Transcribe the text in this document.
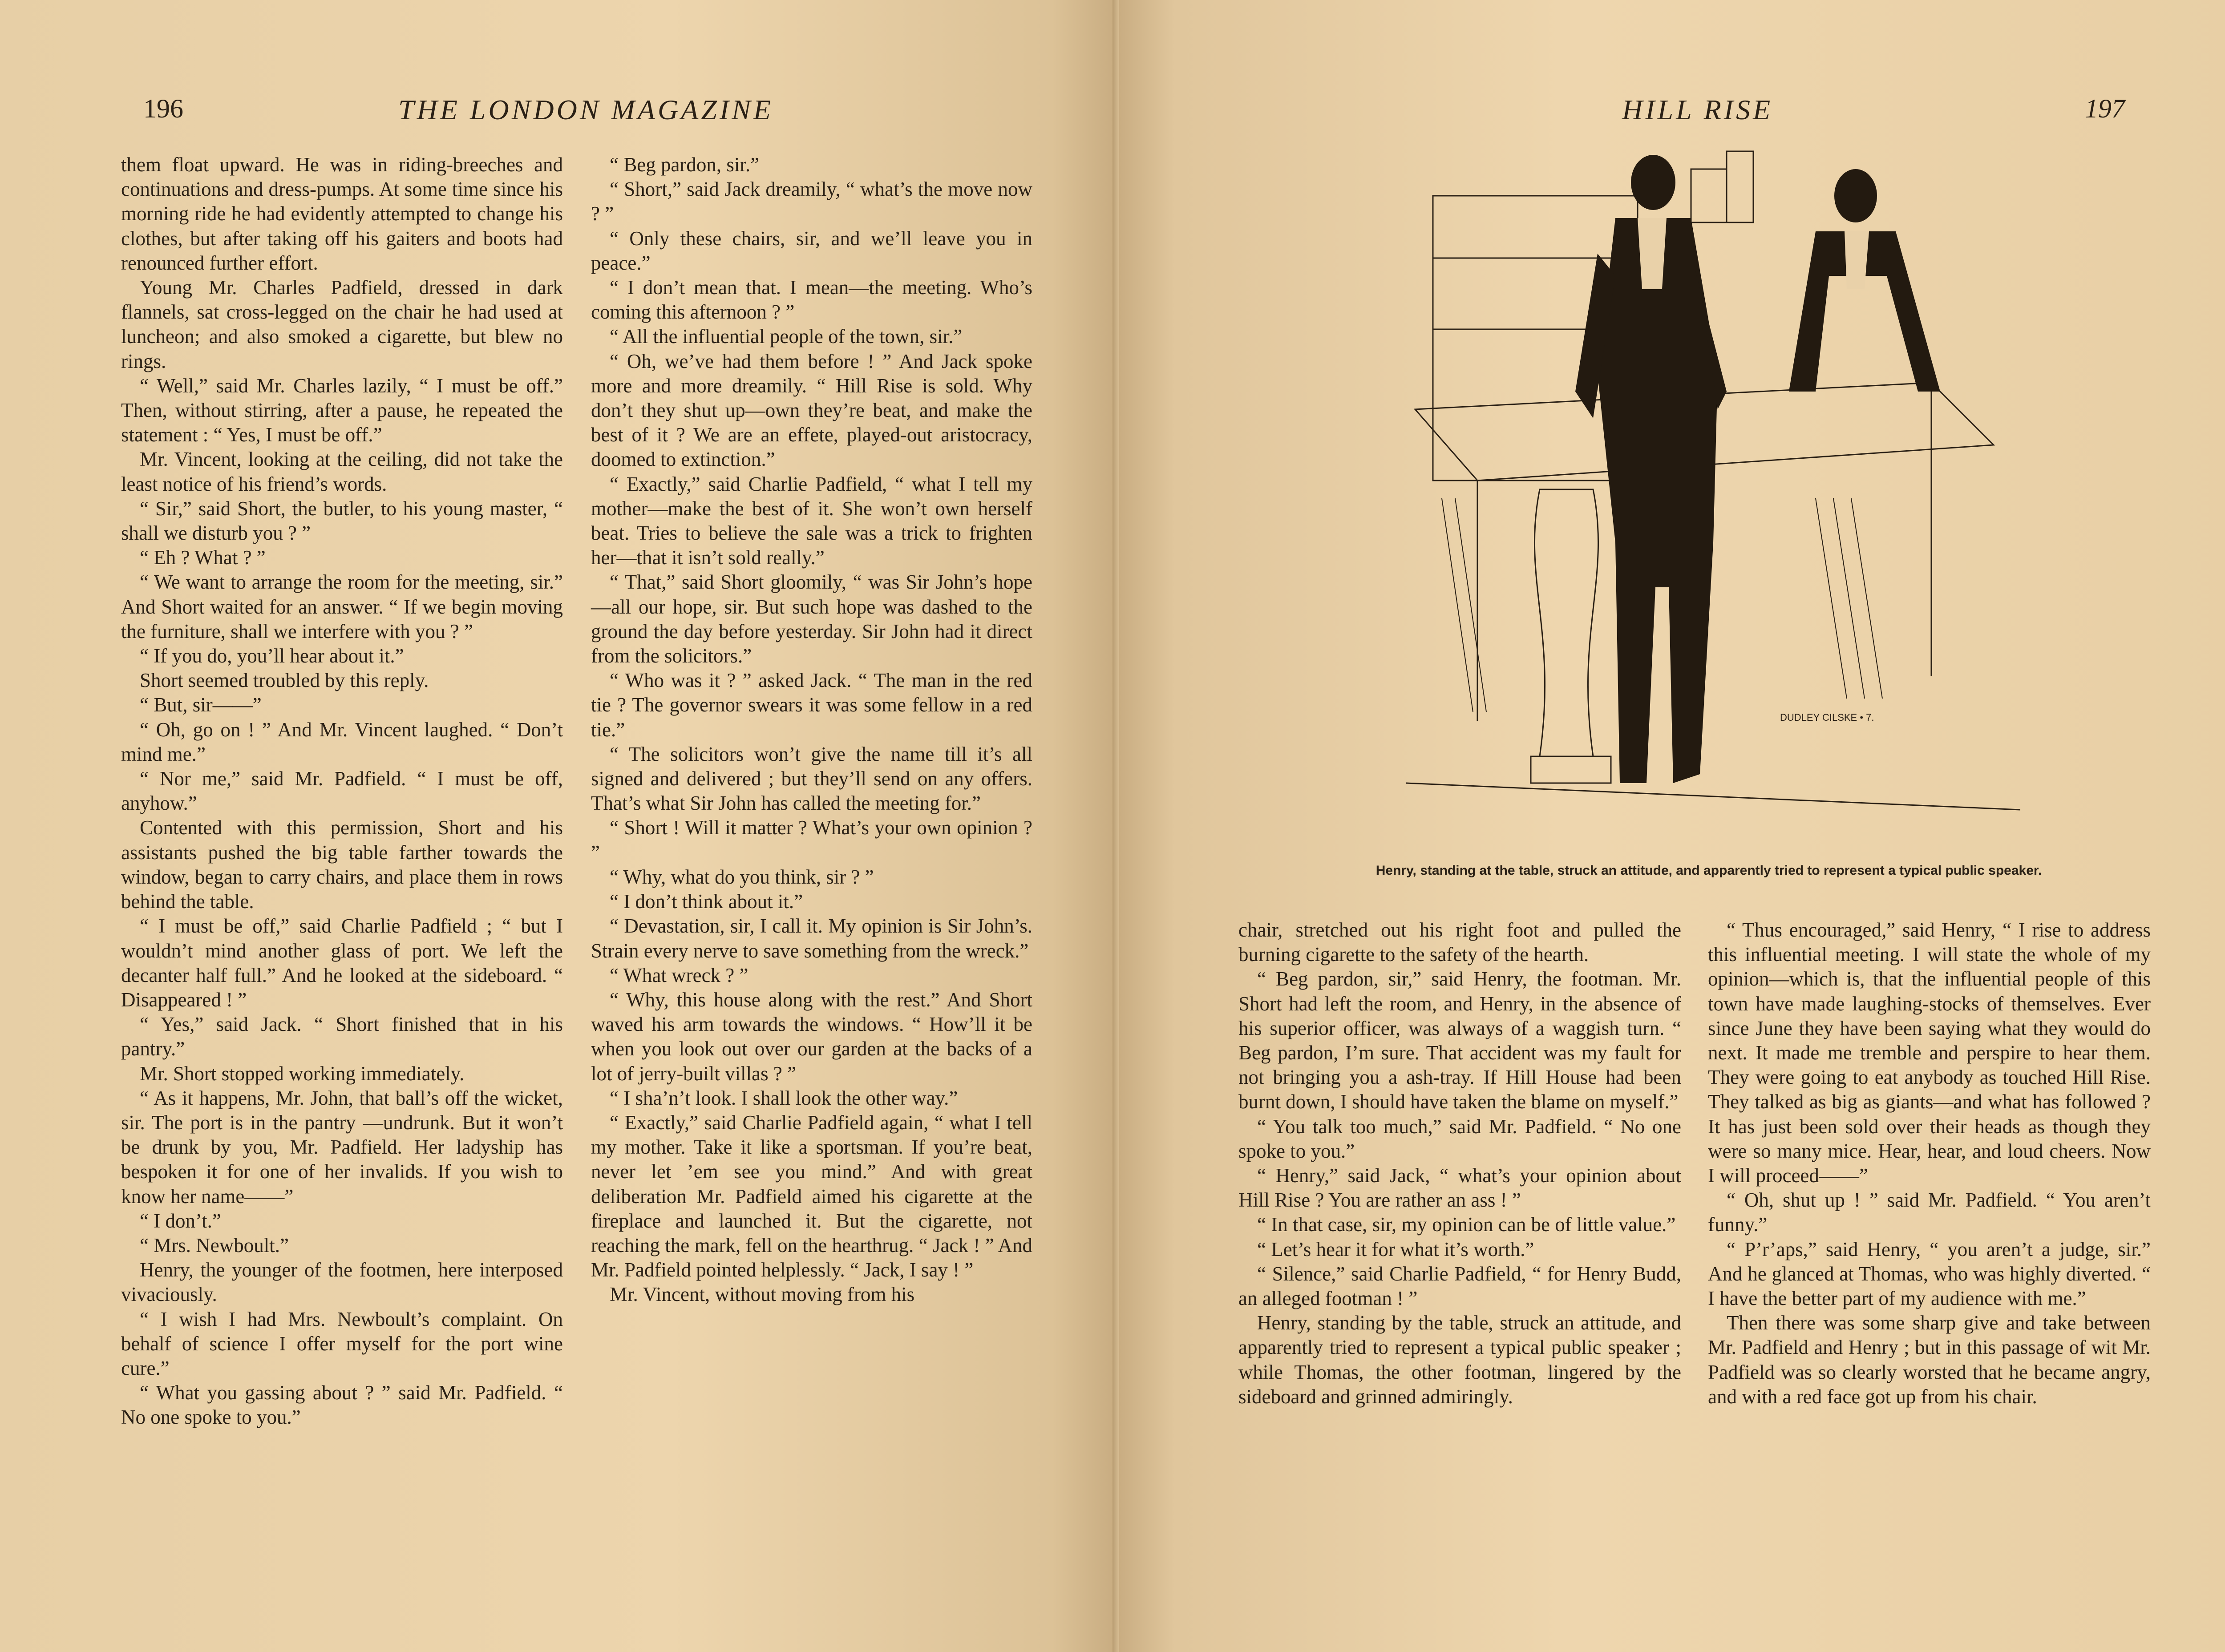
196	THE LONDON MAGAZINE

them float upward. He was in riding-breeches and continuations and dress-pumps. At some time since his morning ride he had evidently attempted to change his clothes, but after taking off his gaiters and boots had renounced further effort.

Young Mr. Charles Padfield, dressed in dark flannels, sat cross-legged on the chair he had used at luncheon; and also smoked a cigarette, but blew no rings.

“ Well,” said Mr. Charles lazily, “ I must be off.” Then, without stirring, after a pause, he repeated the statement : “ Yes, I must be off.”

Mr. Vincent, looking at the ceiling, did not take the least notice of his friend’s words.

“ Sir,” said Short, the butler, to his young master, “ shall we disturb you ? ”

“ Eh ? What ? ”

“ We want to arrange the room for the meeting, sir.” And Short waited for an answer. “ If we begin moving the furniture, shall we interfere with you ? ”

“ If you do, you’ll hear about it.”

Short seemed troubled by this reply.

“ But, sir——”

“ Oh, go on ! ” And Mr. Vincent laughed. “ Don’t mind me.”

“ Nor me,” said Mr. Padfield. “ I must be off, anyhow.”

Contented with this permission, Short and his assistants pushed the big table farther towards the window, began to carry chairs, and place them in rows behind the table.

“ I must be off,” said Charlie Padfield ; “ but I wouldn’t mind another glass of port. We left the decanter half full.” And he looked at the sideboard. “ Disappeared ! ”

“ Yes,” said Jack. “ Short finished that in his pantry.”

Mr. Short stopped working immediately.

“ As it happens, Mr. John, that ball’s off the wicket, sir. The port is in the pantry —undrunk. But it won’t be drunk by you, Mr. Padfield. Her ladyship has bespoken it for one of her invalids. If you wish to know her name——”

“ I don’t.”

“ Mrs. Newboult.”

Henry, the younger of the footmen, here interposed vivaciously.

“ I wish I had Mrs. Newboult’s complaint. On behalf of science I offer myself for the port wine cure.”

“ What you gassing about ? ” said Mr. Padfield. “ No one spoke to you.”

“ Beg pardon, sir.”

“ Short,” said Jack dreamily, “ what’s the move now ? ”

“ Only these chairs, sir, and we’ll leave you in peace.”

“ I don’t mean that. I mean—the meeting. Who’s coming this afternoon ? ”

“ All the influential people of the town, sir.”

“ Oh, we’ve had them before ! ” And Jack spoke more and more dreamily. “ Hill Rise is sold. Why don’t they shut up—own they’re beat, and make the best of it ? We are an effete, played-out aristocracy, doomed to extinction.”

“ Exactly,” said Charlie Padfield, “ what I tell my mother—make the best of it. She won’t own herself beat. Tries to believe the sale was a trick to frighten her—that it isn’t sold really.”

“ That,” said Short gloomily, “ was Sir John’s hope—all our hope, sir. But such hope was dashed to the ground the day before yesterday. Sir John had it direct from the solicitors.”

“ Who was it ? ” asked Jack. “ The man in the red tie ? The governor swears it was some fellow in a red tie.”

“ The solicitors won’t give the name till it’s all signed and delivered ; but they’ll send on any offers. That’s what Sir John has called the meeting for.”

“ Short ! Will it matter ? What’s your own opinion ? ”

“ Why, what do you think, sir ? ”

“ I don’t think about it.”

“ Devastation, sir, I call it. My opinion is Sir John’s. Strain every nerve to save something from the wreck.”

“ What wreck ? ”

“ Why, this house along with the rest.” And Short waved his arm towards the windows. “ How’ll it be when you look out over our garden at the backs of a lot of jerry-built villas ? ”

“ I sha’n’t look. I shall look the other way.”

“ Exactly,” said Charlie Padfield again, “ what I tell my mother. Take it like a sportsman. If you’re beat, never let ’em see you mind.” And with great deliberation Mr. Padfield aimed his cigarette at the fireplace and launched it. But the cigarette, not reaching the mark, fell on the hearthrug. “ Jack ! ” And Mr. Padfield pointed helplessly. “ Jack, I say ! ”

Mr. Vincent, without moving from his

HILL RISE	197
DUDLEY CILSKE • 7.
Henry, standing at the table, struck an attitude, and apparently tried to represent a typical public speaker.

chair, stretched out his right foot and pulled the burning cigarette to the safety of the hearth.

“ Beg pardon, sir,” said Henry, the footman. Mr. Short had left the room, and Henry, in the absence of his superior officer, was always of a waggish turn. “ Beg pardon, I’m sure. That accident was my fault for not bringing you a ash-tray. If Hill House had been burnt down, I should have taken the blame on myself.”

“ You talk too much,” said Mr. Padfield. “ No one spoke to you.”

“ Henry,” said Jack, “ what’s your opinion about Hill Rise ? You are rather an ass ! ”

“ In that case, sir, my opinion can be of little value.”

“ Let’s hear it for what it’s worth.”

“ Silence,” said Charlie Padfield, “ for Henry Budd, an alleged footman ! ”

Henry, standing by the table, struck an attitude, and apparently tried to represent a typical public speaker ; while Thomas, the other footman, lingered by the sideboard and grinned admiringly.

“ Thus encouraged,” said Henry, “ I rise to address this influential meeting. I will state the whole of my opinion—which is, that the influential people of this town have made laughing-stocks of themselves. Ever since June they have been saying what they would do next. It made me tremble and perspire to hear them. They were going to eat anybody as touched Hill Rise. They talked as big as giants—and what has followed ? It has just been sold over their heads as though they were so many mice. Hear, hear, and loud cheers. Now I will proceed——”

“ Oh, shut up ! ” said Mr. Padfield. “ You aren’t funny.”

“ P’r’aps,” said Henry, “ you aren’t a judge, sir.” And he glanced at Thomas, who was highly diverted. “ I have the better part of my audience with me.”

Then there was some sharp give and take between Mr. Padfield and Henry ; but in this passage of wit Mr. Padfield was so clearly worsted that he became angry, and with a red face got up from his chair.
